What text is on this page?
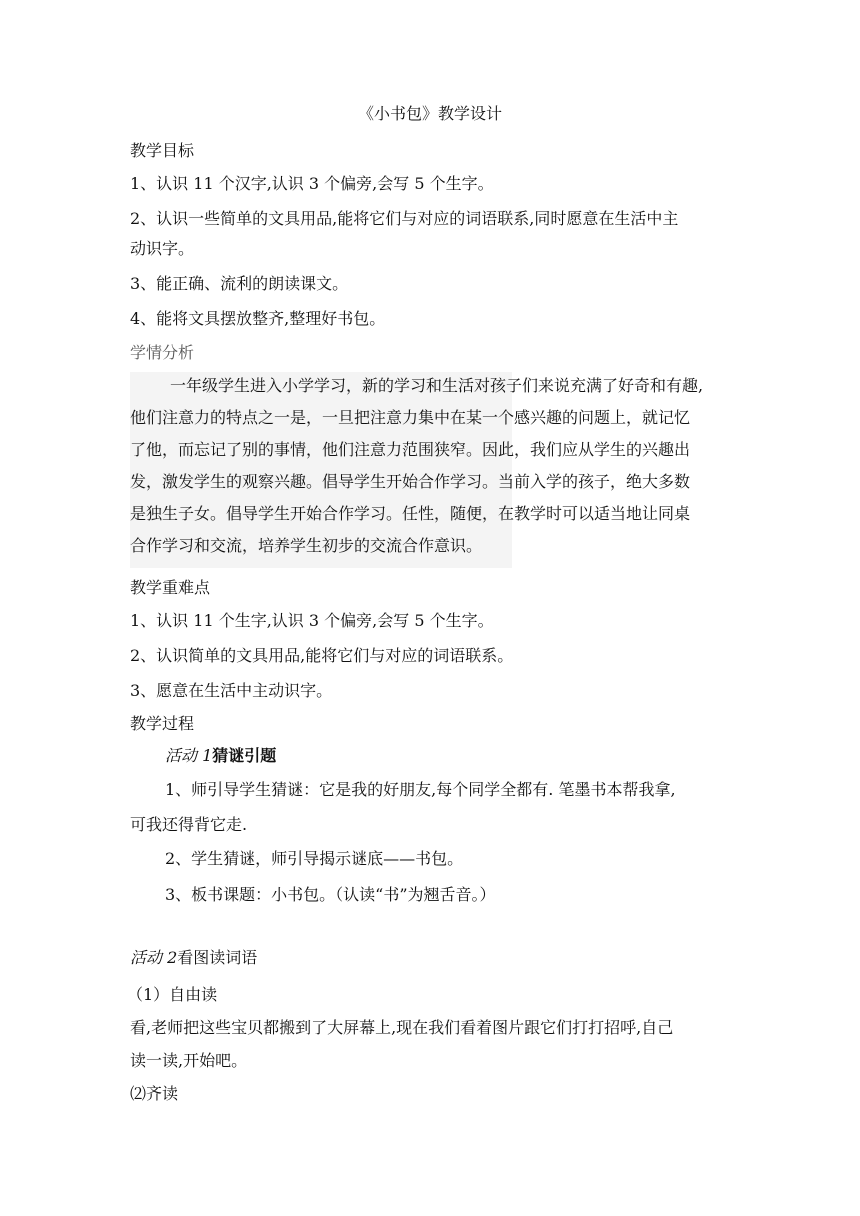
《小书包》教学设计
教学目标
1、认识 11 个汉字,认识 3 个偏旁,会写 5 个生字。
2、认识一些简单的文具用品,能将它们与对应的词语联系,同时愿意在生活中主
动识字。
3、能正确、流利的朗读课文。
4、能将文具摆放整齐,整理好书包。
学情分析
一年级学生进入小学学习，新的学习和生活对孩子们来说充满了好奇和有趣,
他们注意力的特点之一是，一旦把注意力集中在某一个感兴趣的问题上，就记忆
了他，而忘记了别的事情，他们注意力范围狭窄。因此，我们应从学生的兴趣出
发，激发学生的观察兴趣。倡导学生开始合作学习。当前入学的孩子，绝大多数
是独生子女。倡导学生开始合作学习。任性，随便，在教学时可以适当地让同桌
合作学习和交流，培养学生初步的交流合作意识。
教学重难点
1、认识 11 个生字,认识 3 个偏旁,会写 5 个生字。
2、认识简单的文具用品,能将它们与对应的词语联系。
3、愿意在生活中主动识字。
教学过程
活动 1猜谜引题
1、师引导学生猜谜：它是我的好朋友,每个同学全都有. 笔墨书本帮我拿,
可我还得背它走.
2、学生猜谜，师引导揭示谜底——书包。
3、板书课题：小书包。（认读“书”为翘舌音。）
活动 2看图读词语
（1）自由读
看,老师把这些宝贝都搬到了大屏幕上,现在我们看着图片跟它们打打招呼,自己
读一读,开始吧。
⑵齐读
